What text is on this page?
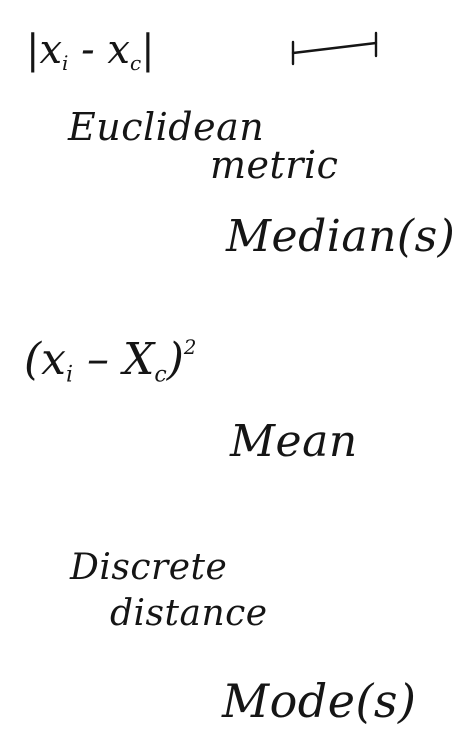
$|x_i - x_c|$
Euclidean
metric
Median(s)
$(x_i - X_c)^2$
Mean
Discrete
distance
Mode(s)
